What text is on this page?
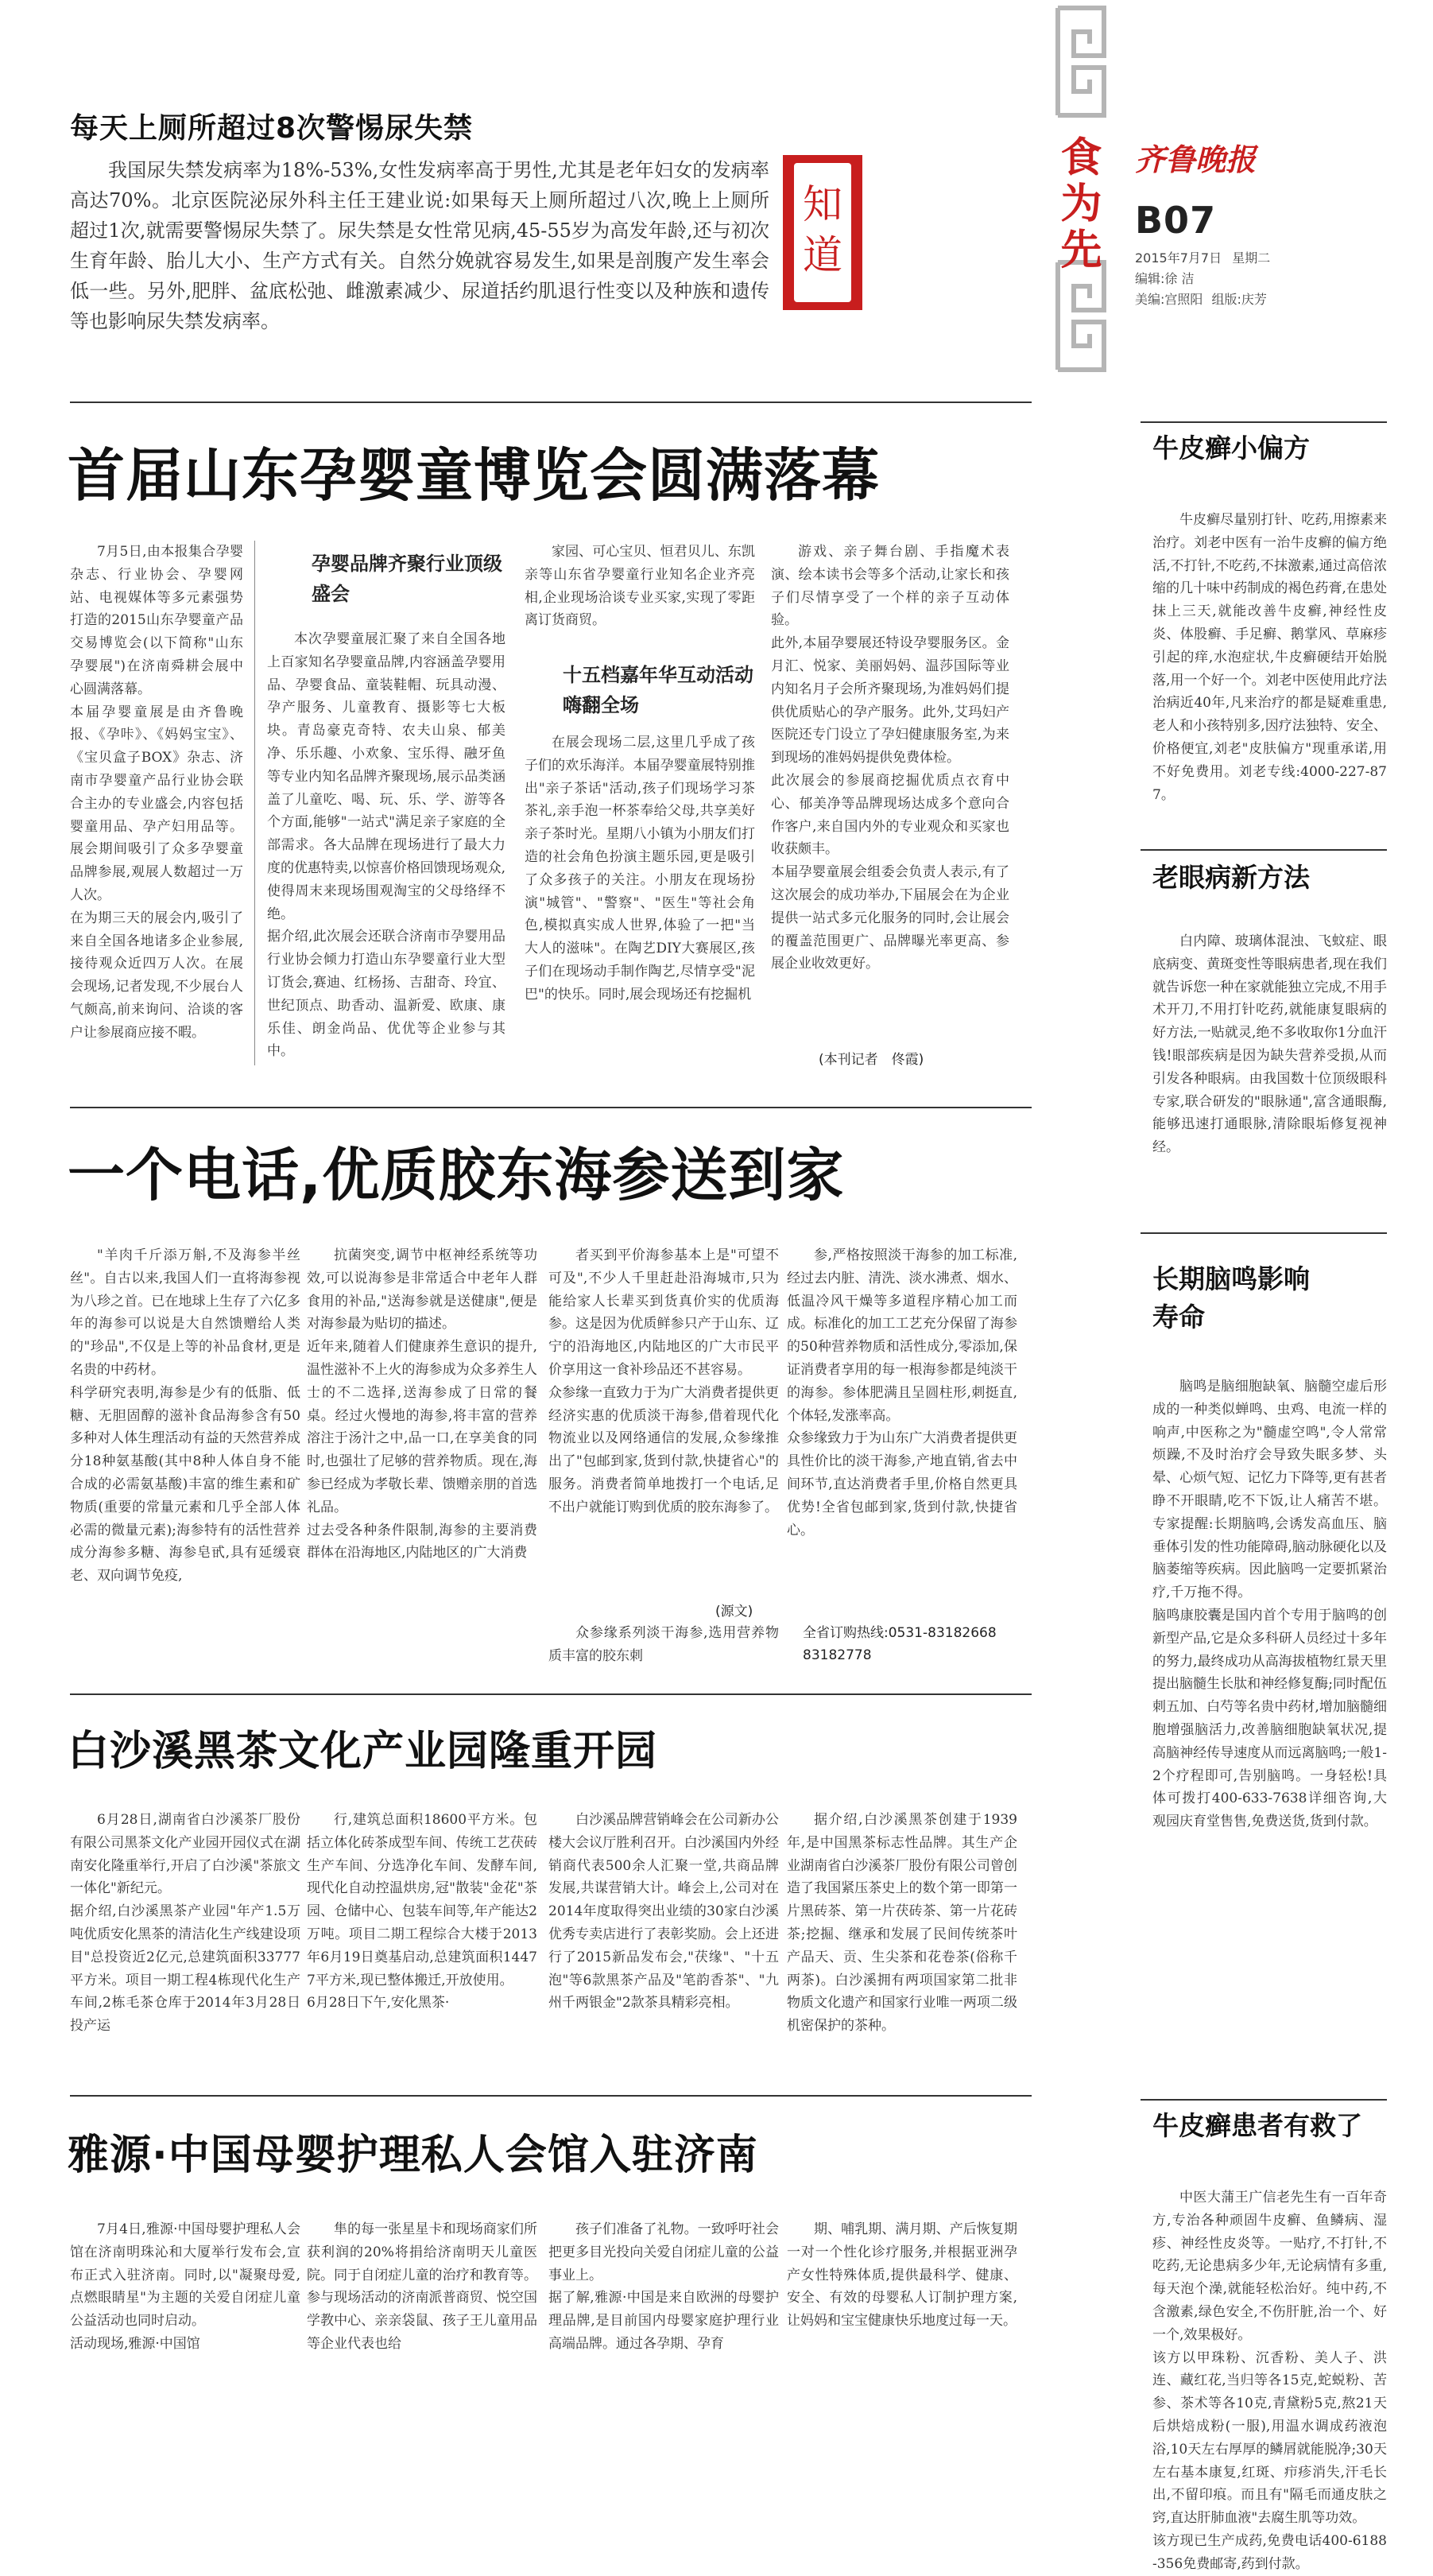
食为先
齐鲁晚报
B07
2015年7月7日 星期二
编辑:徐 洁
美编:宫照阳 组版:庆芳
知道
每天上厕所超过8次警惕尿失禁
我国尿失禁发病率为18%-53%,女性发病率高于男性,尤其是老年妇女的发病率高达70%。北京医院泌尿外科主任王建业说:如果每天上厕所超过八次,晚上上厕所超过1次,就需要警惕尿失禁了。尿失禁是女性常见病,45-55岁为高发年龄,还与初次生育年龄、胎儿大小、生产方式有关。自然分娩就容易发生,如果是剖腹产发生率会低一些。另外,肥胖、盆底松弛、雌激素减少、尿道括约肌退行性变以及种族和遗传等也影响尿失禁发病率。
首届山东孕婴童博览会圆满落幕
7月5日,由本报集合孕婴杂志、行业协会、孕婴网站、电视媒体等多元素强势打造的2015山东孕婴童产品交易博览会(以下简称"山东孕婴展")在济南舜耕会展中心圆满落幕。
本届孕婴童展是由齐鲁晚报、《孕咔》、《妈妈宝宝》、《宝贝盒子BOX》杂志、济南市孕婴童产品行业协会联合主办的专业盛会,内容包括婴童用品、孕产妇用品等。展会期间吸引了众多孕婴童品牌参展,观展人数超过一万人次。
在为期三天的展会内,吸引了来自全国各地诸多企业参展,接待观众近四万人次。在展会现场,记者发现,不少展台人气颇高,前来询问、洽谈的客户让参展商应接不暇。
孕婴品牌齐聚行业顶级盛会
本次孕婴童展汇聚了来自全国各地上百家知名孕婴童品牌,内容涵盖孕婴用品、孕婴食品、童装鞋帽、玩具动漫、孕产服务、儿童教育、摄影等七大板块。青岛豪克奇特、农夫山泉、郁美净、乐乐趣、小欢象、宝乐得、融牙鱼等专业内知名品牌齐聚现场,展示品类涵盖了儿童吃、喝、玩、乐、学、游等各个方面,能够"一站式"满足亲子家庭的全部需求。各大品牌在现场进行了最大力度的优惠特卖,以惊喜价格回馈现场观众,使得周末来现场围观淘宝的父母络绎不绝。
据介绍,此次展会还联合济南市孕婴用品行业协会倾力打造山东孕婴童行业大型订货会,赛迪、红杨扬、吉甜奇、玲宜、世纪顶点、助香动、温新爱、欧康、康乐佳、朗金尚品、优优等企业参与其中。
家园、可心宝贝、恒君贝儿、东凯亲等山东省孕婴童行业知名企业齐亮相,企业现场洽谈专业买家,实现了零距离订货商贸。
十五档嘉年华互动活动嗨翻全场
在展会现场二层,这里几乎成了孩子们的欢乐海洋。本届孕婴童展特别推出"亲子茶话"活动,孩子们现场学习茶茶礼,亲手泡一杯茶奉给父母,共享美好亲子茶时光。星期八小镇为小朋友们打造的社会角色扮演主题乐园,更是吸引了众多孩子的关注。小朋友在现场扮演"城管"、"警察"、"医生"等社会角色,模拟真实成人世界,体验了一把"当大人的滋味"。在陶艺DIY大赛展区,孩子们在现场动手制作陶艺,尽情享受"泥巴"的快乐。同时,展会现场还有挖掘机
游戏、亲子舞台剧、手指魔术表演、绘本读书会等多个活动,让家长和孩子们尽情享受了一个样的亲子互动体验。
此外,本届孕婴展还特设孕婴服务区。金月汇、悦家、美丽妈妈、温莎国际等业内知名月子会所齐聚现场,为准妈妈们提供优质贴心的孕产服务。此外,艾玛妇产医院还专门设立了孕妇健康服务室,为来到现场的准妈妈提供免费体检。
此次展会的参展商挖掘优质点衣育中心、郁美净等品牌现场达成多个意向合作客户,来自国内外的专业观众和买家也收获颇丰。
本届孕婴童展会组委会负责人表示,有了这次展会的成功举办,下届展会在为企业提供一站式多元化服务的同时,会让展会的覆盖范围更广、品牌曝光率更高、参展企业收效更好。
(本刊记者　佟霞)
一个电话,优质胶东海参送到家
"羊肉千斤添万斛,不及海参半丝丝"。自古以来,我国人们一直将海参视为八珍之首。已在地球上生存了六亿多年的海参可以说是大自然馈赠给人类的"珍品",不仅是上等的补品食材,更是名贵的中药材。
科学研究表明,海参是少有的低脂、低糖、无胆固醇的滋补食品海参含有50多种对人体生理活动有益的天然营养成分18种氨基酸(其中8种人体自身不能合成的必需氨基酸)丰富的维生素和矿物质(重要的常量元素和几乎全部人体必需的微量元素);海参特有的活性营养成分海参多糖、海参皂甙,具有延缓衰老、双向调节免疫,
抗菌突变,调节中枢神经系统等功效,可以说海参是非常适合中老年人群食用的补品,"送海参就是送健康",便是对海参最为贴切的描述。
近年来,随着人们健康养生意识的提升,温性滋补不上火的海参成为众多养生人士的不二选择,送海参成了日常的餐桌。经过火慢地的海参,将丰富的营养溶注于汤汁之中,品一口,在享美食的同时,也强壮了尼够的营养物质。现在,海参已经成为孝敬长辈、馈赠亲朋的首选礼品。
过去受各种条件限制,海参的主要消费群体在沿海地区,内陆地区的广大消费
者买到平价海参基本上是"可望不可及",不少人千里赶赴沿海城市,只为能给家人长辈买到货真价实的优质海参。这是因为优质鲜参只产于山东、辽宁的沿海地区,内陆地区的广大市民平价享用这一食补珍品还不甚容易。
众参缘一直致力于为广大消费者提供更经济实惠的优质淡干海参,借着现代化物流业以及网络通信的发展,众参缘推出了"包邮到家,货到付款,快捷省心"的服务。消费者简单地拨打一个电话,足不出户就能订购到优质的胶东海参了。
(源文)
众参缘系列淡干海参,选用营养物质丰富的胶东刺
参,严格按照淡干海参的加工标准,经过去内脏、清洗、淡水沸煮、烟水、低温冷风干燥等多道程序精心加工而成。标准化的加工工艺充分保留了海参的50种营养物质和活性成分,零添加,保证消费者享用的每一根海参都是纯淡干的海参。参体肥满且呈圆柱形,刺挺直,个体轻,发涨率高。
众参缘致力于为山东广大消费者提供更具性价比的淡干海参,产地直销,省去中间环节,直达消费者手里,价格自然更具优势!全省包邮到家,货到付款,快捷省心。
全省订购热线:0531-83182668 83182778
白沙溪黑茶文化产业园隆重开园
6月28日,湖南省白沙溪茶厂股份有限公司黑茶文化产业园开园仪式在湖南安化隆重举行,开启了白沙溪"茶旅文一体化"新纪元。
据介绍,白沙溪黑茶产业园"年产1.5万吨优质安化黑茶的清洁化生产线建设项目"总投资近2亿元,总建筑面积33777平方米。项目一期工程4栋现代化生产车间,2栋毛茶仓库于2014年3月28日投产运
行,建筑总面积18600平方米。包括立体化砖茶成型车间、传统工艺茯砖生产车间、分选净化车间、发酵车间,现代化自动控温烘房,冠"散装"金花"茶园、仓储中心、包装车间等,年产能达2万吨。项目二期工程综合大楼于2013年6月19日奠基启动,总建筑面积14477平方米,现已整体搬迁,开放使用。
6月28日下午,安化黑茶·
白沙溪品牌营销峰会在公司新办公楼大会议厅胜利召开。白沙溪国内外经销商代表500余人汇聚一堂,共商品牌发展,共谋营销大计。峰会上,公司对在2014年度取得突出业绩的30家白沙溪优秀专卖店进行了表彰奖励。会上还进行了2015新品发布会,"茯缘"、"十五泡"等6款黑茶产品及"笔韵香茶"、"九州千两银金"2款茶具精彩亮相。
据介绍,白沙溪黑茶创建于1939年,是中国黑茶标志性品牌。其生产企业湖南省白沙溪茶厂股份有限公司曾创造了我国紧压茶史上的数个第一即第一片黑砖茶、第一片茯砖茶、第一片花砖茶;挖掘、继承和发展了民间传统茶叶产品天、贡、生尖茶和花卷茶(俗称千两茶)。白沙溪拥有两项国家第二批非物质文化遗产和国家行业唯一两项二级机密保护的茶种。
雅源·中国母婴护理私人会馆入驻济南
7月4日,雅源·中国母婴护理私人会馆在济南明珠沁和大厦举行发布会,宣布正式入驻济南。同时,以"凝聚母爱,点燃眼睛星"为主题的关爱自闭症儿童公益活动也同时启动。
活动现场,雅源·中国馆
隼的每一张星星卡和现场商家们所获利润的20%将捐给济南明天儿童医院。同于自闭症儿童的治疗和教育等。参与现场活动的济南派普商贸、悦空国学教中心、亲亲袋鼠、孩子王儿童用品等企业代表也给
孩子们准备了礼物。一致呼吁社会把更多目光投向关爱自闭症儿童的公益事业上。
据了解,雅源·中国是来自欧洲的母婴护理品牌,是目前国内母婴家庭护理行业高端品牌。通过各孕期、孕育
期、哺乳期、满月期、产后恢复期一对一个性化诊疗服务,并根据亚洲孕产女性特殊体质,提供最科学、健康、安全、有效的母婴私人订制护理方案,让妈妈和宝宝健康快乐地度过每一天。
牛皮癣小偏方
牛皮癣尽量别打针、吃药,用擦素来治疗。刘老中医有一治牛皮癣的偏方绝活,不打针,不吃药,不抹激素,通过高倍浓缩的几十味中药制成的褐色药膏,在患处抹上三天,就能改善牛皮癣,神经性皮炎、体股癣、手足癣、鹅掌风、草麻疹引起的痒,水泡症状,牛皮癣硬结开始脱落,用一个好一个。刘老中医使用此疗法治病近40年,凡来治疗的都是疑难重患,老人和小孩特别多,因疗法独特、安全、价格便宜,刘老"皮肤偏方"现重承诺,用不好免费用。刘老专线:4000-227-877。
老眼病新方法
白内障、玻璃体混浊、飞蚊症、眼底病变、黄斑变性等眼病患者,现在我们就告诉您一种在家就能独立完成,不用手术开刀,不用打针吃药,就能康复眼病的好方法,一贴就灵,绝不多收取你1分血汗钱!眼部疾病是因为缺失营养受损,从而引发各种眼病。由我国数十位顶级眼科专家,联合研发的"眼脉通",富含通眼酶,能够迅速打通眼脉,清除眼垢修复视神经。
长期脑鸣影响寿命
脑鸣是脑细胞缺氧、脑髓空虚后形成的一种类似蝉鸣、虫鸡、电流一样的响声,中医称之为"髓虚空鸣",令人常常烦躁,不及时治疗会导致失眠多梦、头晕、心烦气短、记忆力下降等,更有甚者睁不开眼睛,吃不下饭,让人痛苦不堪。专家提醒:长期脑鸣,会诱发高血压、脑垂体引发的性功能障碍,脑动脉硬化以及脑萎缩等疾病。因此脑鸣一定要抓紧治疗,千万拖不得。
脑鸣康胶囊是国内首个专用于脑鸣的创新型产品,它是众多科研人员经过十多年的努力,最终成功从高海拔植物红景天里提出脑髓生长肽和神经修复酶;同时配伍刺五加、白芍等名贵中药材,增加脑髓细胞增强脑活力,改善脑细胞缺氧状况,提高脑神经传导速度从而远离脑鸣;一般1-2个疗程即可,告别脑鸣。一身轻松!具体可拨打400-633-7638详细咨询,大观园庆育堂售售,免费送货,货到付款。
牛皮癣患者有救了
中医大蒲王广信老先生有一百年奇方,专治各种顽固牛皮癣、鱼鳞病、湿疹、神经性皮炎等。一贴疗,不打针,不吃药,无论患病多少年,无论病情有多重,每天泡个澡,就能轻松治好。纯中药,不含激素,绿色安全,不伤肝脏,治一个、好一个,效果极好。
该方以甲珠粉、沉香粉、美人子、洪连、藏红花,当归等各15克,蛇蜕粉、苦参、茶术等各10克,青黛粉5克,熬21天后烘焙成粉(一服),用温水调成药液泡浴,10天左右厚厚的鳞屑就能脱净;30天左右基本康复,红斑、疖疹消失,汗毛长出,不留印痕。而且有"隔毛而通皮肤之窍,直达肝肺血液"去腐生肌等功效。
该方现已生产成药,免费电话400-6188-356免费邮寄,药到付款。
